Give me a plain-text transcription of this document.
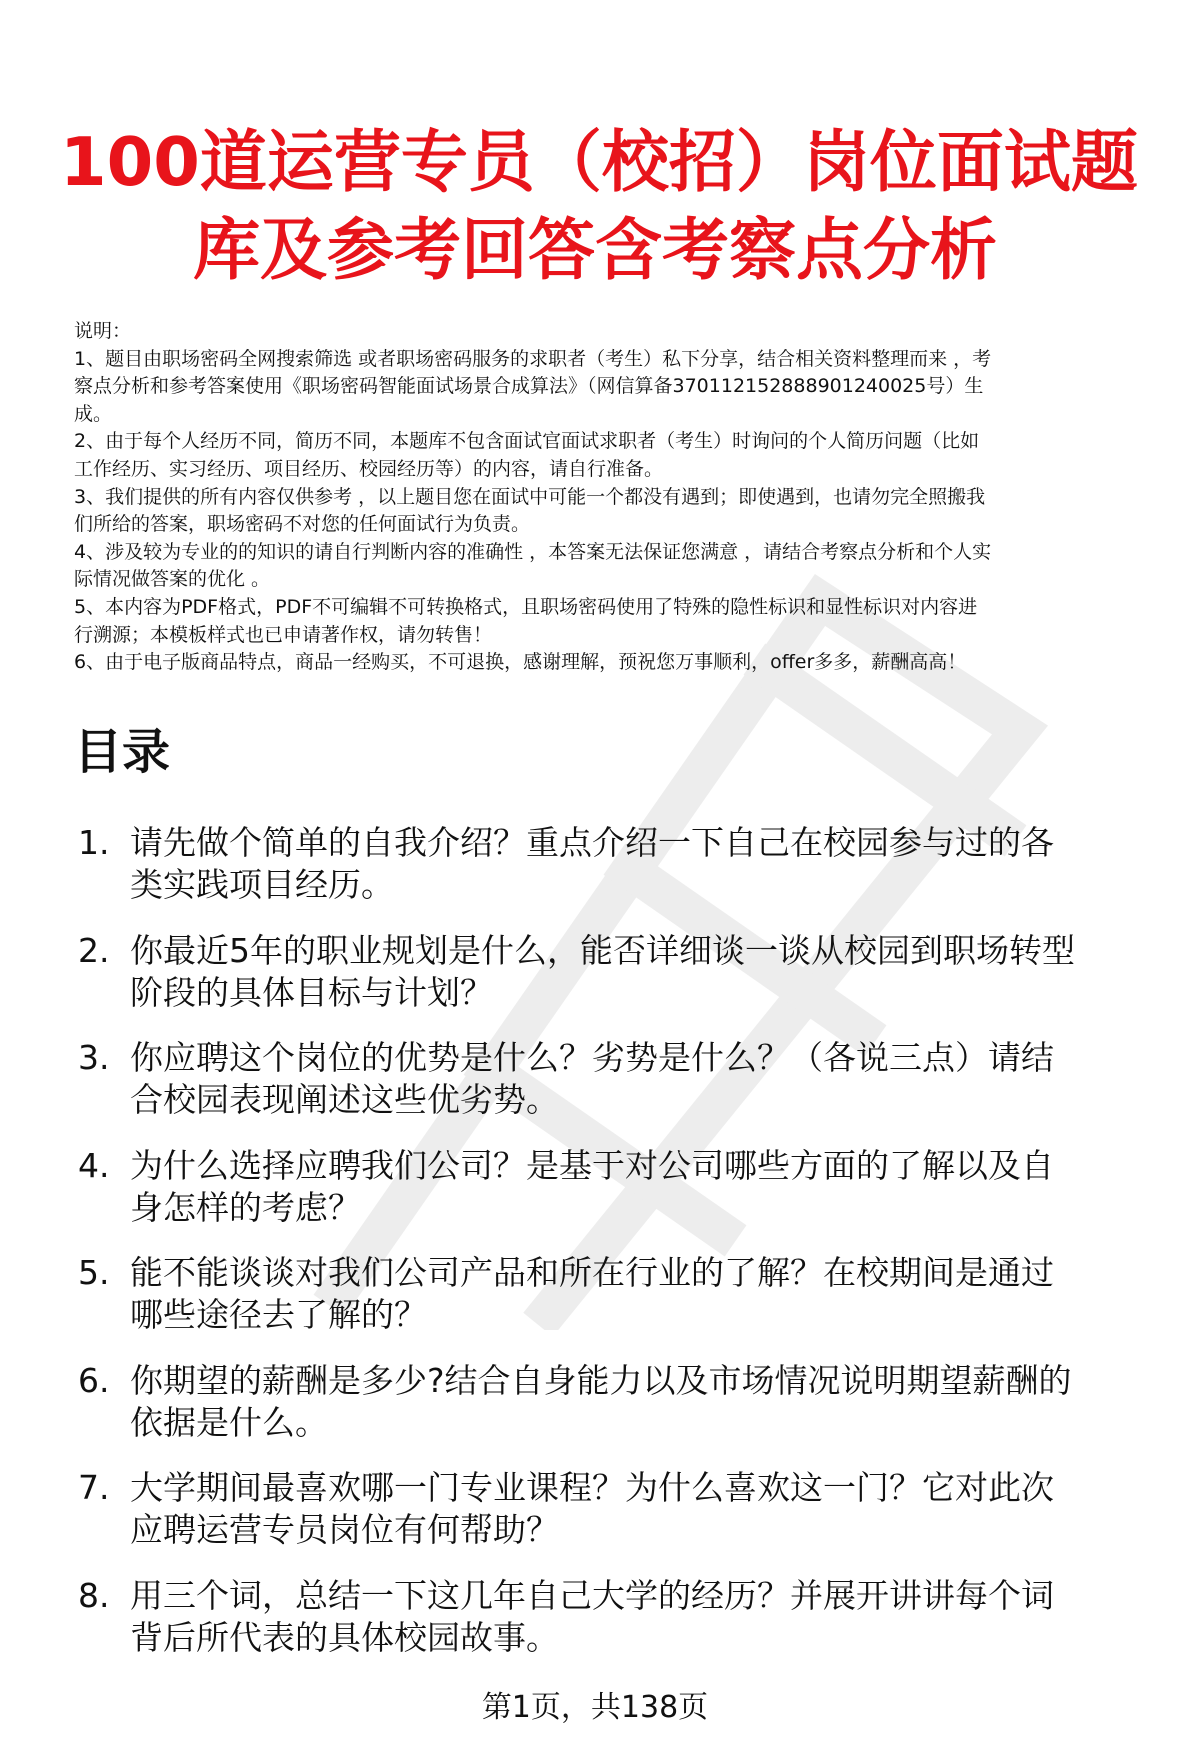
100道运营专员（校招）岗位面试题
库及参考回答含考察点分析
说明：
1、题目由职场密码全网搜索筛选 或者职场密码服务的求职者（考生）私下分享，结合相关资料整理而来 ，考
察点分析和参考答案使用《职场密码智能面试场景合成算法》（网信算备370112152888901240025号）生
成。
2、由于每个人经历不同，简历不同，本题库不包含面试官面试求职者（考生）时询问的个人简历问题（比如
工作经历、实习经历、项目经历、校园经历等）的内容，请自行准备。
3、我们提供的所有内容仅供参考 ，以上题目您在面试中可能一个都没有遇到；即使遇到，也请勿完全照搬我
们所给的答案，职场密码不对您的任何面试行为负责。
4、涉及较为专业的的知识的请自行判断内容的准确性 ，本答案无法保证您满意 ，请结合考察点分析和个人实
际情况做答案的优化 。
5、本内容为PDF格式，PDF不可编辑不可转换格式，且职场密码使用了特殊的隐性标识和显性标识对内容进
行溯源；本模板样式也已申请著作权，请勿转售！
6、由于电子版商品特点，商品一经购买，不可退换，感谢理解，预祝您万事顺利，offer多多，薪酬高高！
目录
1. 请先做个简单的自我介绍？重点介绍一下自己在校园参与过的各
类实践项目经历。
2. 你最近5年的职业规划是什么，能否详细谈一谈从校园到职场转型
阶段的具体目标与计划？
3. 你应聘这个岗位的优势是什么？劣势是什么？（各说三点）请结
合校园表现阐述这些优劣势。
4. 为什么选择应聘我们公司？是基于对公司哪些方面的了解以及自
身怎样的考虑？
5. 能不能谈谈对我们公司产品和所在行业的了解？在校期间是通过
哪些途径去了解的？
6. 你期望的薪酬是多少?结合自身能力以及市场情况说明期望薪酬的
依据是什么。
7. 大学期间最喜欢哪一门专业课程？为什么喜欢这一门？它对此次
应聘运营专员岗位有何帮助？
8. 用三个词，总结一下这几年自己大学的经历？并展开讲讲每个词
背后所代表的具体校园故事。
第1页，共138页
